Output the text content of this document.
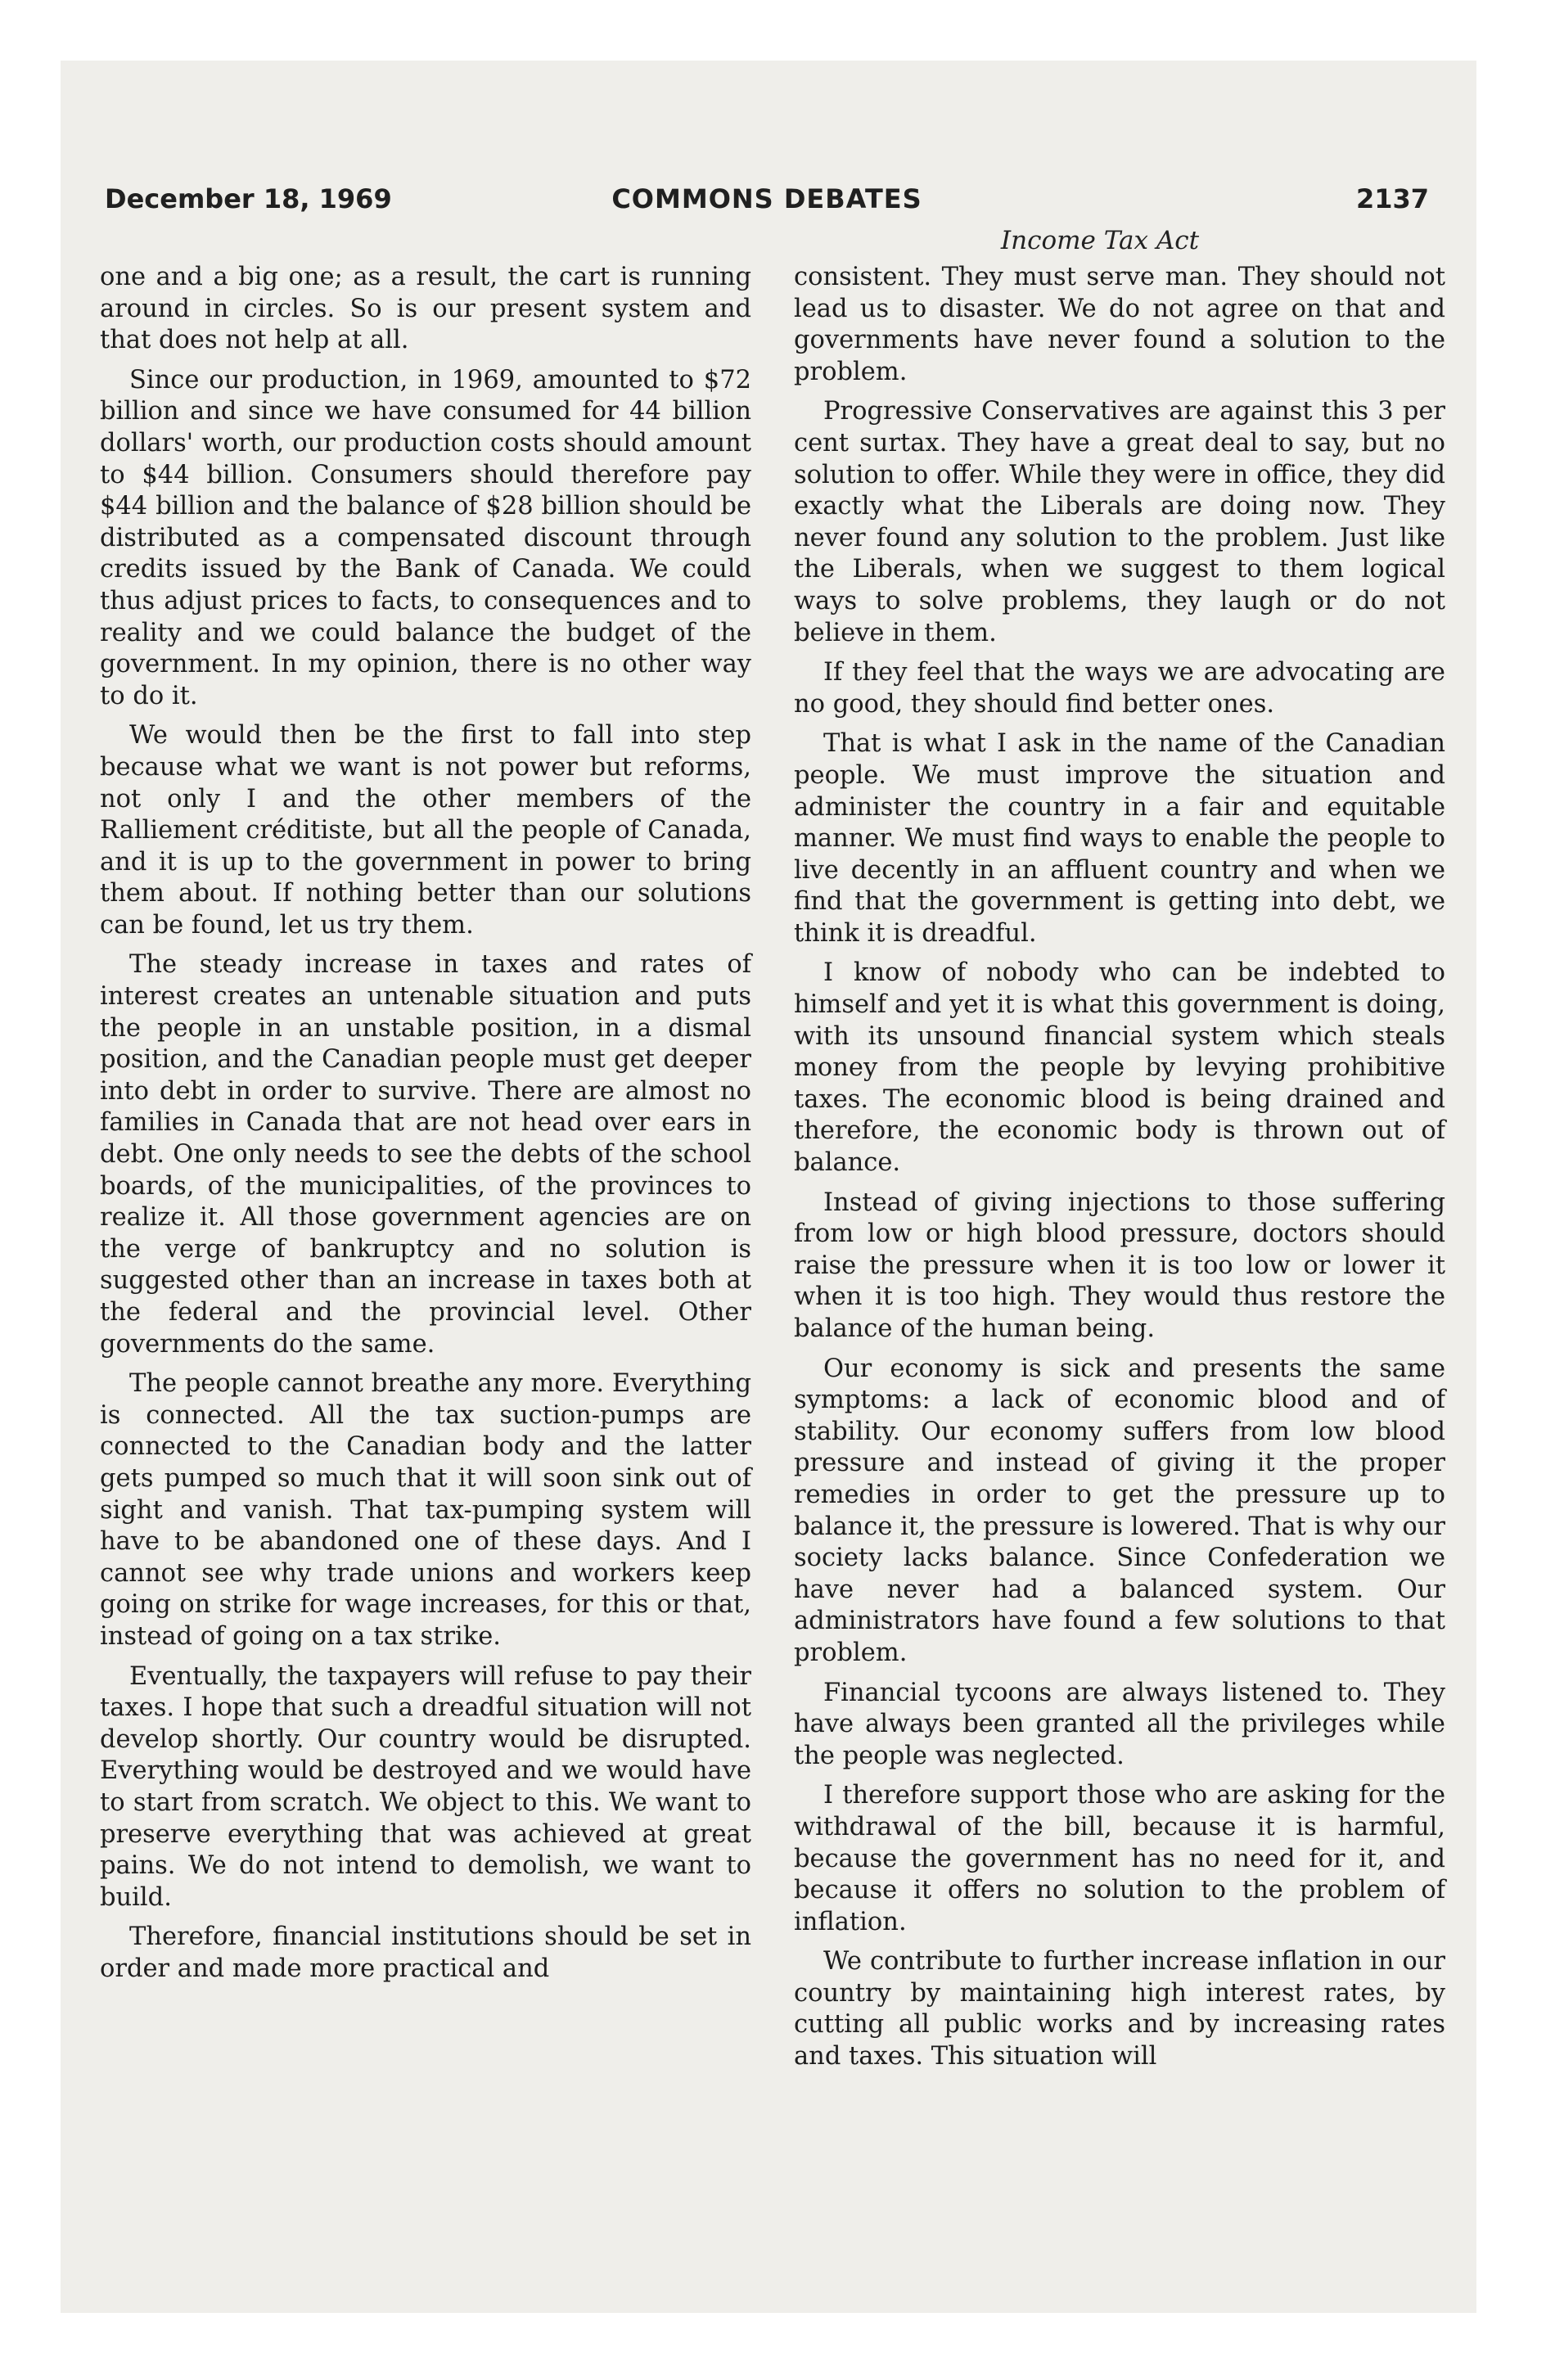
December 18, 1969	COMMONS DEBATES	2137
Income Tax Act

one and a big one; as a result, the cart is running around in circles. So is our present system and that does not help at all.

Since our production, in 1969, amounted to $72 billion and since we have consumed for 44 billion dollars' worth, our production costs should amount to $44 billion. Consumers should therefore pay $44 billion and the balance of $28 billion should be distributed as a compensated discount through credits issued by the Bank of Canada. We could thus adjust prices to facts, to consequences and to reality and we could balance the budget of the government. In my opinion, there is no other way to do it.

We would then be the first to fall into step because what we want is not power but reforms, not only I and the other members of the Ralliement créditiste, but all the people of Canada, and it is up to the government in power to bring them about. If nothing better than our solutions can be found, let us try them.

The steady increase in taxes and rates of interest creates an untenable situation and puts the people in an unstable position, in a dismal position, and the Canadian people must get deeper into debt in order to survive. There are almost no families in Canada that are not head over ears in debt. One only needs to see the debts of the school boards, of the municipalities, of the provinces to realize it. All those government agencies are on the verge of bankruptcy and no solution is suggested other than an increase in taxes both at the federal and the provincial level. Other governments do the same.

The people cannot breathe any more. Everything is connected. All the tax suction-pumps are connected to the Canadian body and the latter gets pumped so much that it will soon sink out of sight and vanish. That tax-pumping system will have to be abandoned one of these days. And I cannot see why trade unions and workers keep going on strike for wage increases, for this or that, instead of going on a tax strike.

Eventually, the taxpayers will refuse to pay their taxes. I hope that such a dreadful situation will not develop shortly. Our country would be disrupted. Everything would be destroyed and we would have to start from scratch. We object to this. We want to preserve everything that was achieved at great pains. We do not intend to demolish, we want to build.

Therefore, financial institutions should be set in order and made more practical and

consistent. They must serve man. They should not lead us to disaster. We do not agree on that and governments have never found a solution to the problem.

Progressive Conservatives are against this 3 per cent surtax. They have a great deal to say, but no solution to offer. While they were in office, they did exactly what the Liberals are doing now. They never found any solution to the problem. Just like the Liberals, when we suggest to them logical ways to solve problems, they laugh or do not believe in them.

If they feel that the ways we are advocating are no good, they should find better ones.

That is what I ask in the name of the Canadian people. We must improve the situation and administer the country in a fair and equitable manner. We must find ways to enable the people to live decently in an affluent country and when we find that the government is getting into debt, we think it is dreadful.

I know of nobody who can be indebted to himself and yet it is what this government is doing, with its unsound financial system which steals money from the people by levying prohibitive taxes. The economic blood is being drained and therefore, the economic body is thrown out of balance.

Instead of giving injections to those suffering from low or high blood pressure, doctors should raise the pressure when it is too low or lower it when it is too high. They would thus restore the balance of the human being.

Our economy is sick and presents the same symptoms: a lack of economic blood and of stability. Our economy suffers from low blood pressure and instead of giving it the proper remedies in order to get the pressure up to balance it, the pressure is lowered. That is why our society lacks balance. Since Confederation we have never had a balanced system. Our administrators have found a few solutions to that problem.

Financial tycoons are always listened to. They have always been granted all the privileges while the people was neglected.

I therefore support those who are asking for the withdrawal of the bill, because it is harmful, because the government has no need for it, and because it offers no solution to the problem of inflation.

We contribute to further increase inflation in our country by maintaining high interest rates, by cutting all public works and by increasing rates and taxes. This situation will
